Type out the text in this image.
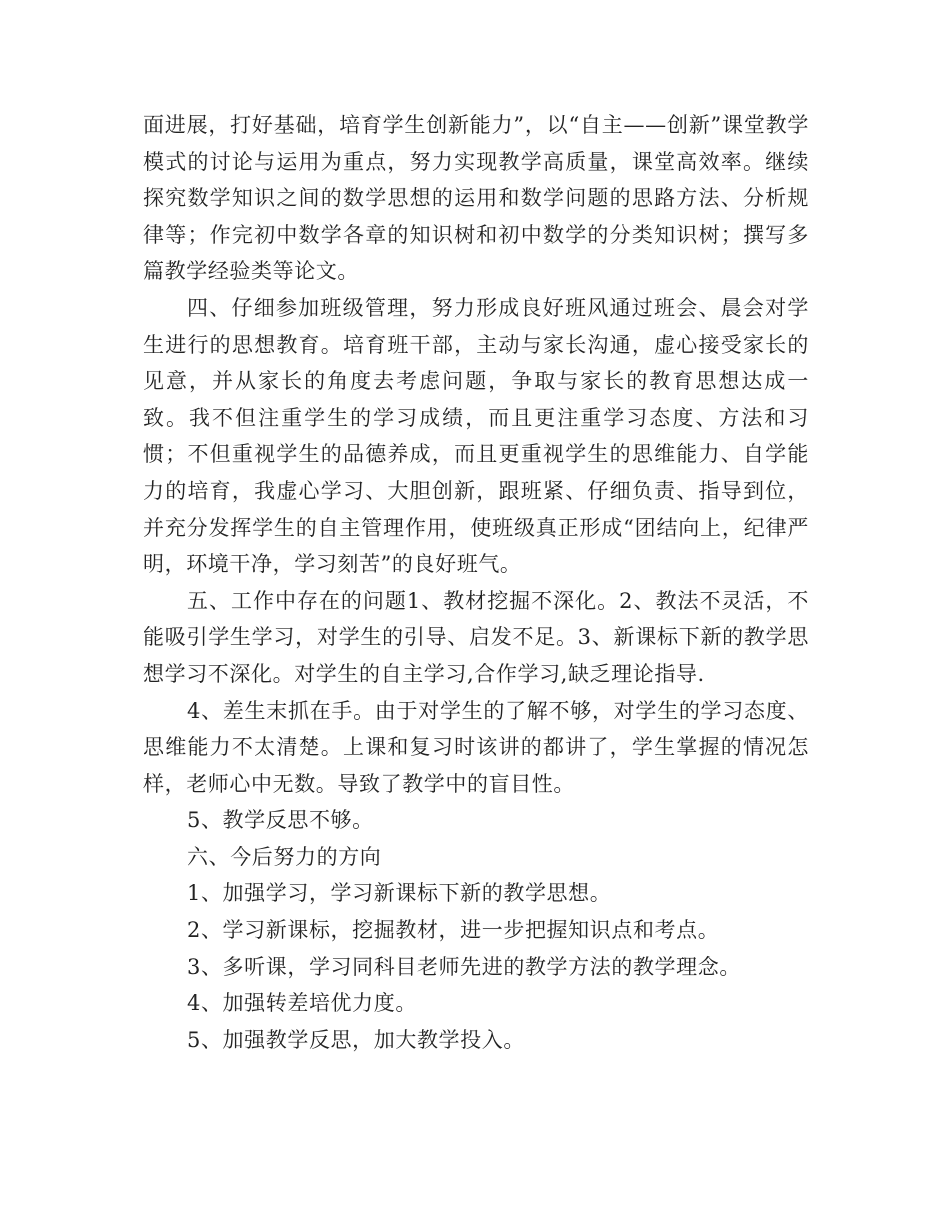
面进展，打好基础，培育学生创新能力”，以“自主——创新”课堂教学模式的讨论与运用为重点，努力实现教学高质量，课堂高效率。继续探究数学知识之间的数学思想的运用和数学问题的思路方法、分析规律等；作完初中数学各章的知识树和初中数学的分类知识树；撰写多篇教学经验类等论文。

四、仔细参加班级管理，努力形成良好班风通过班会、晨会对学生进行的思想教育。培育班干部，主动与家长沟通，虚心接受家长的见意，并从家长的角度去考虑问题，争取与家长的教育思想达成一致。我不但注重学生的学习成绩，而且更注重学习态度、方法和习惯；不但重视学生的品德养成，而且更重视学生的思维能力、自学能力的培育，我虚心学习、大胆创新，跟班紧、仔细负责、指导到位，并充分发挥学生的自主管理作用，使班级真正形成“团结向上，纪律严明，环境干净，学习刻苦”的良好班气。

五、工作中存在的问题1、教材挖掘不深化。2、教法不灵活，不能吸引学生学习，对学生的引导、启发不足。3、新课标下新的教学思想学习不深化。对学生的自主学习,合作学习,缺乏理论指导.

4、差生末抓在手。由于对学生的了解不够，对学生的学习态度、思维能力不太清楚。上课和复习时该讲的都讲了，学生掌握的情况怎样，老师心中无数。导致了教学中的盲目性。

5、教学反思不够。

六、今后努力的方向

1、加强学习，学习新课标下新的教学思想。

2、学习新课标，挖掘教材，进一步把握知识点和考点。

3、多听课，学习同科目老师先进的教学方法的教学理念。

4、加强转差培优力度。

5、加强教学反思，加大教学投入。
